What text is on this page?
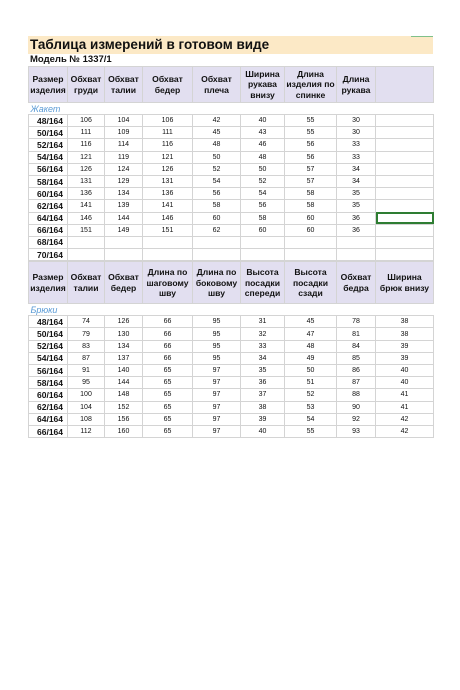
Таблица измерений в готовом виде
Модель № 1337/1
Размер изделия	Обхват груди	Обхват талии	Обхват бедер	Обхват плеча	Ширина рукава внизу	Длина изделия по спинке	Длина рукава	
Жакет								
48/164	106	104	106	42	40	55	30	
50/164	111	109	111	45	43	55	30	
52/164	116	114	116	48	46	56	33	
54/164	121	119	121	50	48	56	33	
56/164	126	124	126	52	50	57	34	
58/164	131	129	131	54	52	57	34	
60/164	136	134	136	56	54	58	35	
62/164	141	139	141	58	56	58	35	
64/164	146	144	146	60	58	60	36	
66/164	151	149	151	62	60	60	36	
68/164								
70/164								
Размер изделия	Обхват талии	Обхват бедер	Длина по шаговому шву	Длина по боковому шву	Высота посадки спереди	Высота посадки сзади	Обхват бедра	Ширина брюк внизу
Брюки								
48/164	74	126	66	95	31	45	78	38
50/164	79	130	66	95	32	47	81	38
52/164	83	134	66	95	33	48	84	39
54/164	87	137	66	95	34	49	85	39
56/164	91	140	65	97	35	50	86	40
58/164	95	144	65	97	36	51	87	40
60/164	100	148	65	97	37	52	88	41
62/164	104	152	65	97	38	53	90	41
64/164	108	156	65	97	39	54	92	42
66/164	112	160	65	97	40	55	93	42
